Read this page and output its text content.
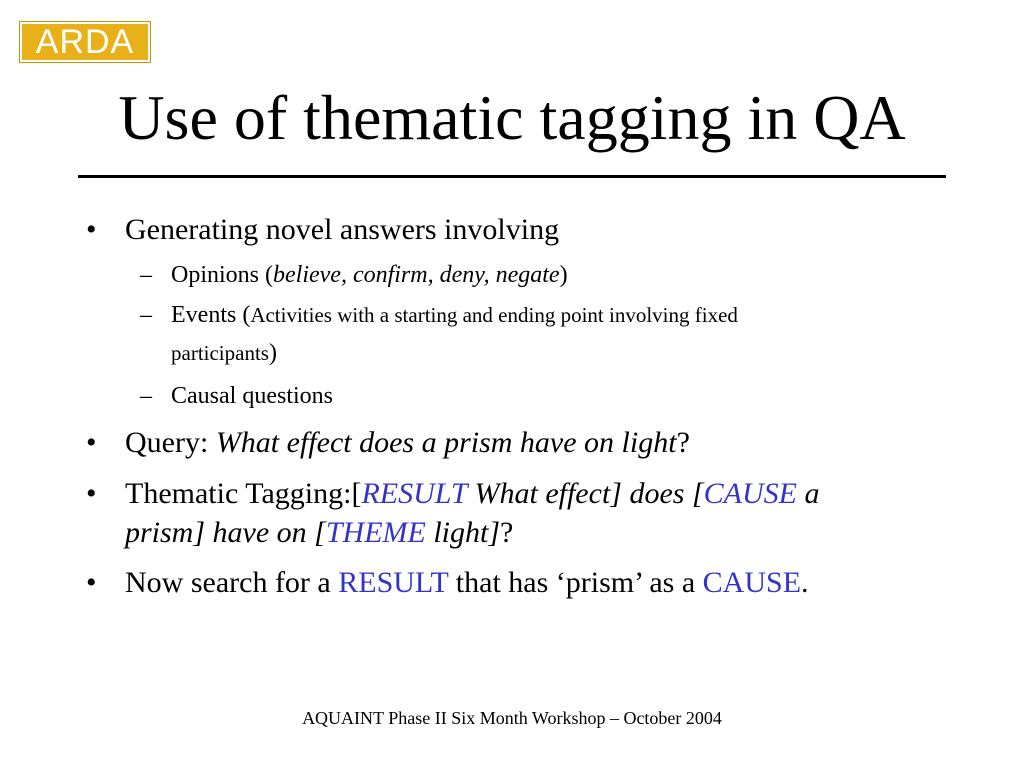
ARDA
Use of thematic tagging in QA
• Generating novel answers involving
– Opinions (believe, confirm, deny, negate)
– Events (Activities with a starting and ending point involving fixed
participants)
– Causal questions
• Query: What effect does a prism have on light?
• Thematic Tagging:[RESULT What effect] does [CAUSE a
prism] have on [THEME light]?
• Now search for a RESULT that has ‘prism’ as a CAUSE.
AQUAINT Phase II Six Month Workshop – October 2004
